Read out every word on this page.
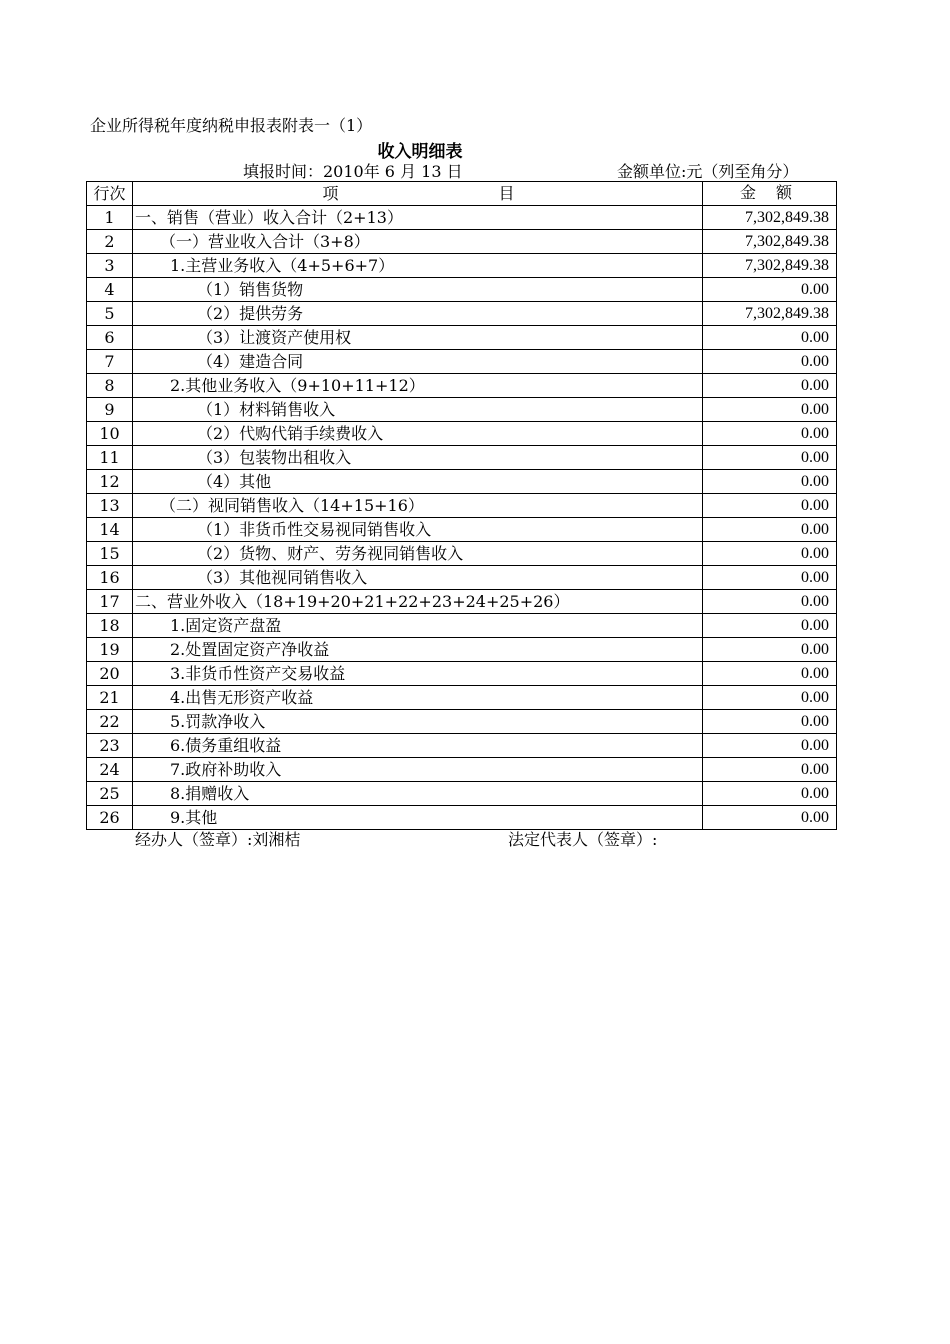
企业所得税年度纳税申报表附表一（1）
收入明细表
填报时间：2010年 6 月 13 日	金额单位:元（列至角分）
行次	项 目	金　 额
1	一、销售（营业）收入合计（2+13）	7,302,849.38
2	（一）营业收入合计（3+8）	7,302,849.38
3	1.主营业务收入（4+5+6+7）	7,302,849.38
4	（1）销售货物	0.00
5	（2）提供劳务	7,302,849.38
6	（3）让渡资产使用权	0.00
7	（4）建造合同	0.00
8	2.其他业务收入（9+10+11+12）	0.00
9	（1）材料销售收入	0.00
10	（2）代购代销手续费收入	0.00
11	（3）包装物出租收入	0.00
12	（4）其他	0.00
13	（二）视同销售收入（14+15+16）	0.00
14	（1）非货币性交易视同销售收入	0.00
15	（2）货物、财产、劳务视同销售收入	0.00
16	（3）其他视同销售收入	0.00
17	二、营业外收入（18+19+20+21+22+23+24+25+26）	0.00
18	1.固定资产盘盈	0.00
19	2.处置固定资产净收益	0.00
20	3.非货币性资产交易收益	0.00
21	4.出售无形资产收益	0.00
22	5.罚款净收入	0.00
23	6.债务重组收益	0.00
24	7.政府补助收入	0.00
25	8.捐赠收入	0.00
26	9.其他	0.00
经办人（签章）:刘湘桔	法定代表人（签章）:
